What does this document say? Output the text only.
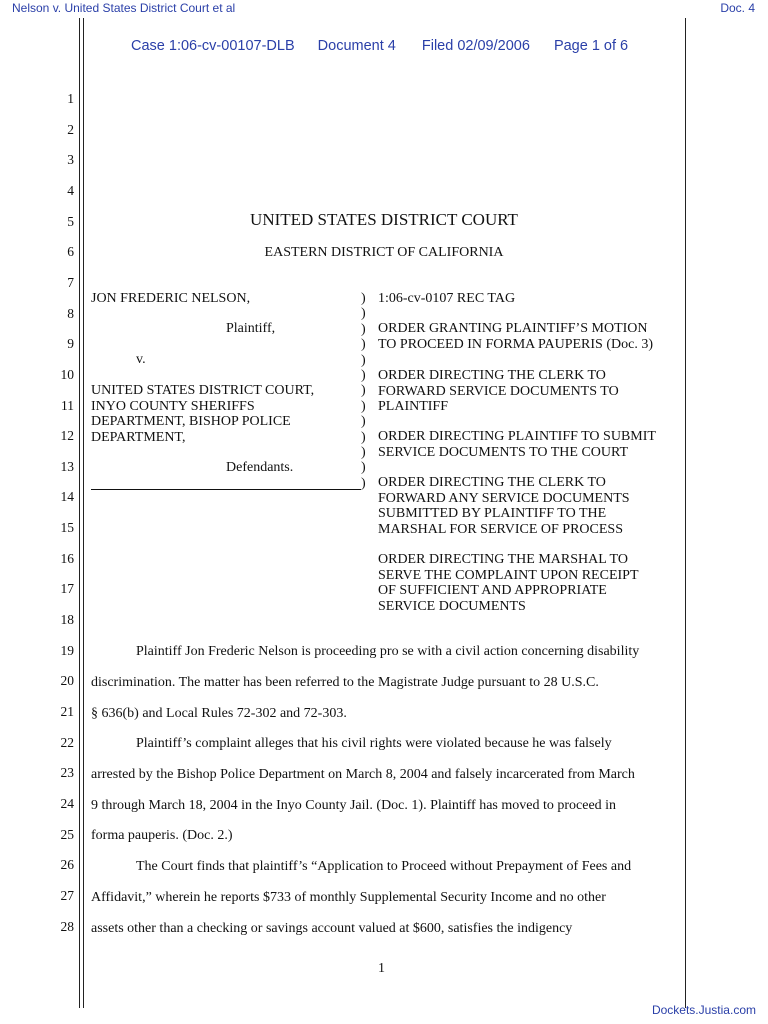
Nelson v. United States District Court et al	Doc. 4
Case 1:06-cv-00107-DLB Document 4 Filed 02/09/2006 Page 1 of 6
1
2
3
4
5
6
7
8
9
10
11
12
13
14
15
16
17
18
19
20
21
22
23
24
25
26
27
28
UNITED STATES DISTRICT COURT
EASTERN DISTRICT OF CALIFORNIA
JON FREDERIC NELSON,
Plaintiff,
v.
UNITED STATES DISTRICT COURT,
INYO COUNTY SHERIFFS
DEPARTMENT, BISHOP POLICE
DEPARTMENT,
Defendants.
)
)
)
)
)
)
)
)
)
)
)
)
)
1:06-cv-0107 REC TAG
ORDER GRANTING PLAINTIFF’S MOTION
TO PROCEED IN FORMA PAUPERIS (Doc. 3)
ORDER DIRECTING THE CLERK TO
FORWARD SERVICE DOCUMENTS TO
PLAINTIFF
ORDER DIRECTING PLAINTIFF TO SUBMIT
SERVICE DOCUMENTS TO THE COURT
ORDER DIRECTING THE CLERK TO
FORWARD ANY SERVICE DOCUMENTS
SUBMITTED BY PLAINTIFF TO THE
MARSHAL FOR SERVICE OF PROCESS
ORDER DIRECTING THE MARSHAL TO
SERVE THE COMPLAINT UPON RECEIPT
OF SUFFICIENT AND APPROPRIATE
SERVICE DOCUMENTS
Plaintiff Jon Frederic Nelson is proceeding pro se with a civil action concerning disability
discrimination. The matter has been referred to the Magistrate Judge pursuant to 28 U.S.C.
§ 636(b) and Local Rules 72-302 and 72-303.
Plaintiff’s complaint alleges that his civil rights were violated because he was falsely
arrested by the Bishop Police Department on March 8, 2004 and falsely incarcerated from March
9 through March 18, 2004 in the Inyo County Jail. (Doc. 1). Plaintiff has moved to proceed in
forma pauperis. (Doc. 2.)
The Court finds that plaintiff’s “Application to Proceed without Prepayment of Fees and
Affidavit,” wherein he reports $733 of monthly Supplemental Security Income and no other
assets other than a checking or savings account valued at $600, satisfies the indigency
1
Dockets.Justia.com
